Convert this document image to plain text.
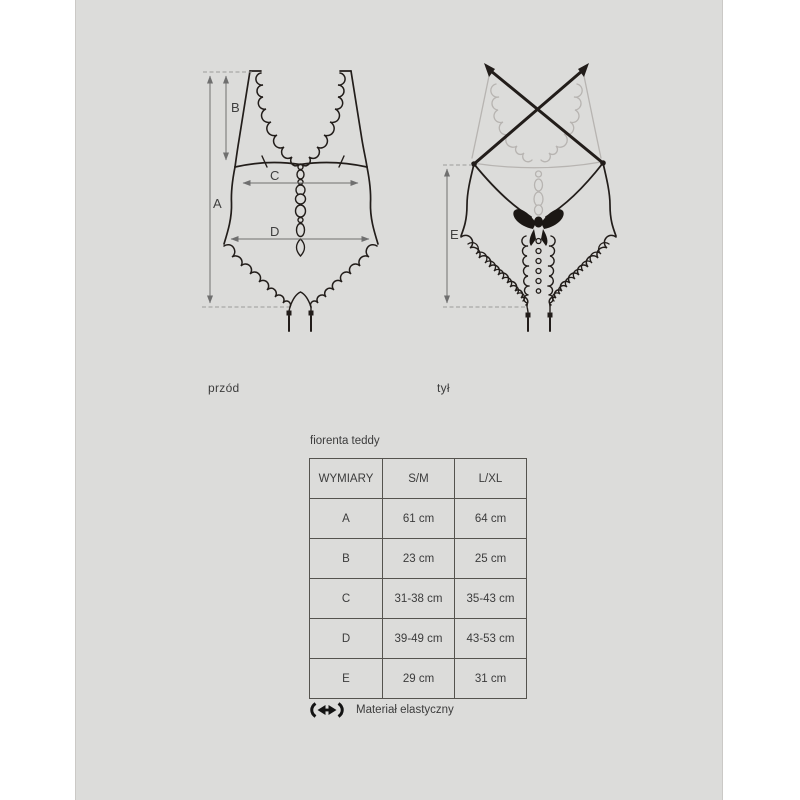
A
B
C
D	E
przód	tył
fiorenta teddy
WYMIARY	S/M	L/XL
A	61 cm	64 cm
B	23 cm	25 cm
C	31-38 cm	35-43 cm
D	39-49 cm	43-53 cm
E	29 cm	31 cm
Materiał elastyczny
